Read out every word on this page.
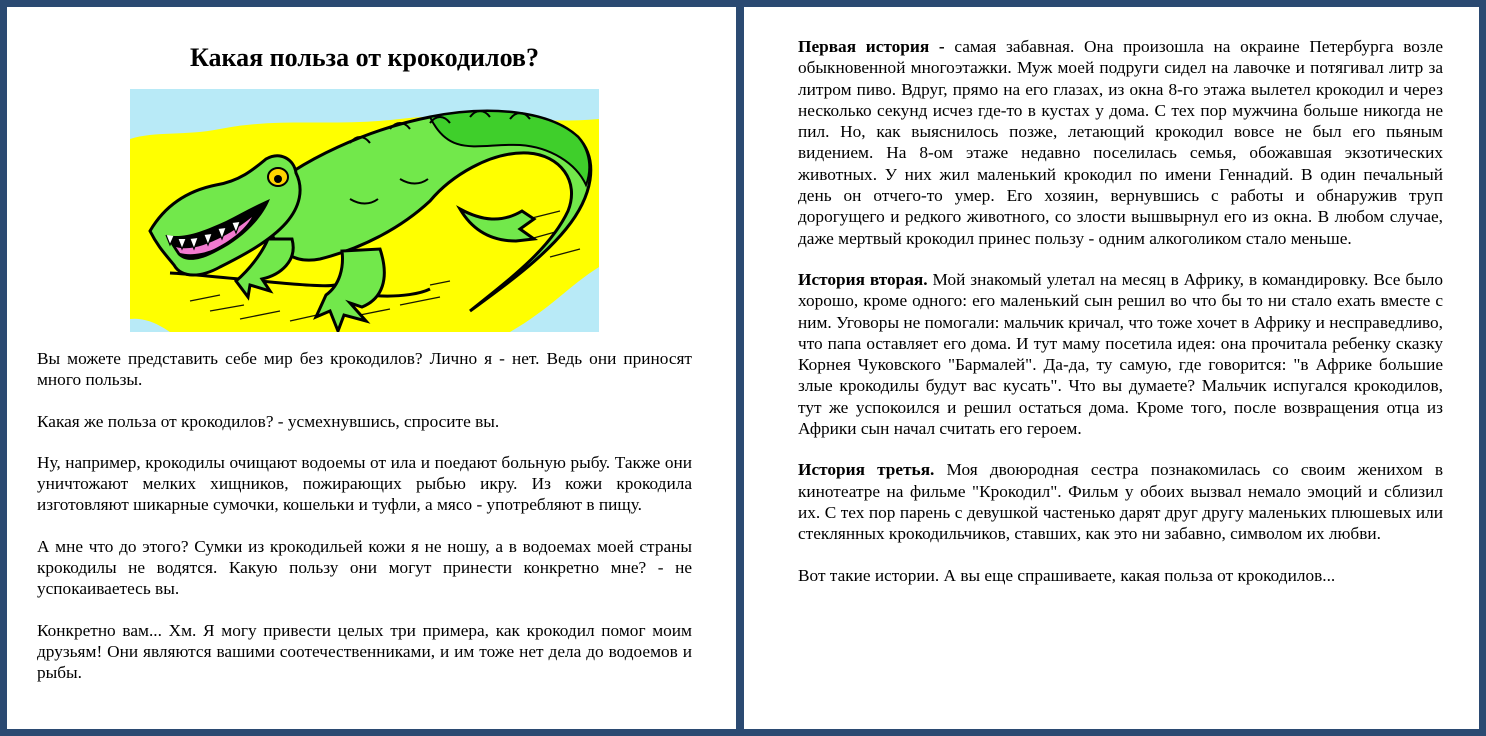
Какая польза от крокодилов?

Вы можете представить себе мир без крокодилов? Лично я - нет. Ведь они приносят много пользы.

Какая же польза от крокодилов? - усмехнувшись, спросите вы.

Ну, например, крокодилы очищают водоемы от ила и поедают больную рыбу. Также они уничтожают мелких хищников, пожирающих рыбью икру. Из кожи крокодила изготовляют шикарные сумочки, кошельки и туфли, а мясо - употребляют в пищу.

А мне что до этого? Сумки из крокодильей кожи я не ношу, а в водоемах моей страны крокодилы не водятся. Какую пользу они могут принести конкретно мне? - не успокаиваетесь вы.

Конкретно вам... Хм. Я могу привести целых три примера, как крокодил помог моим друзьям! Они являются вашими соотечественниками, и им тоже нет дела до водоемов и рыбы.

Первая история - самая забавная. Она произошла на окраине Петербурга возле обыкновенной многоэтажки. Муж моей подруги сидел на лавочке и потягивал литр за литром пиво. Вдруг, прямо на его глазах, из окна 8-го этажа вылетел крокодил и через несколько секунд исчез где-то в кустах у дома. С тех пор мужчина больше никогда не пил. Но, как выяснилось позже, летающий крокодил вовсе не был его пьяным видением. На 8-ом этаже недавно поселилась семья, обожавшая экзотических животных. У них жил маленький крокодил по имени Геннадий. В один печальный день он отчего-то умер. Его хозяин, вернувшись с работы и обнаружив труп дорогущего и редкого животного, со злости вышвырнул его из окна. В любом случае, даже мертвый крокодил принес пользу - одним алкоголиком стало меньше.

История вторая. Мой знакомый улетал на месяц в Африку, в командировку. Все было хорошо, кроме одного: его маленький сын решил во что бы то ни стало ехать вместе с ним. Уговоры не помогали: мальчик кричал, что тоже хочет в Африку и несправедливо, что папа оставляет его дома. И тут маму посетила идея: она прочитала ребенку сказку Корнея Чуковского "Бармалей". Да-да, ту самую, где говорится: "в Африке большие злые крокодилы будут вас кусать". Что вы думаете? Мальчик испугался крокодилов, тут же успокоился и решил остаться дома. Кроме того, после возвращения отца из Африки сын начал считать его героем.

История третья. Моя двоюродная сестра познакомилась со своим женихом в кинотеатре на фильме "Крокодил". Фильм у обоих вызвал немало эмоций и сблизил их. С тех пор парень с девушкой частенько дарят друг другу маленьких плюшевых или стеклянных крокодильчиков, ставших, как это ни забавно, символом их любви.

Вот такие истории. А вы еще спрашиваете, какая польза от крокодилов...
